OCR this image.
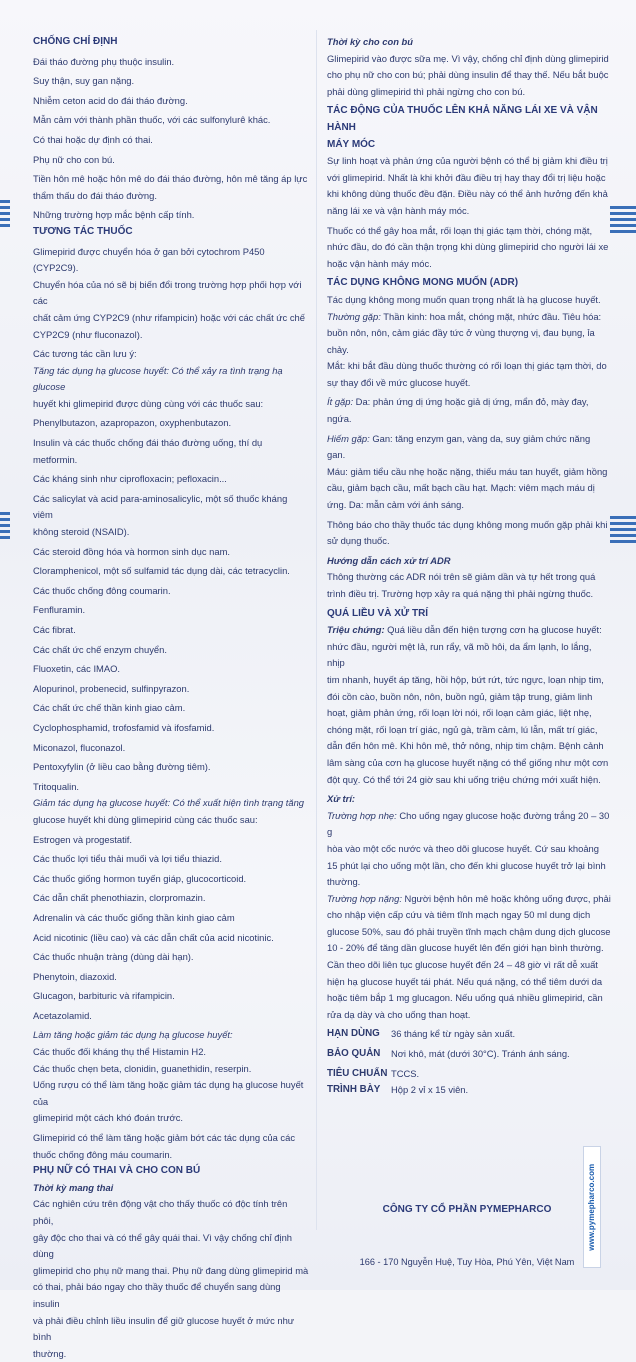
CHỐNG CHỈ ĐỊNH

Đái tháo đường phụ thuộc insulin.

Suy thận, suy gan nặng.

Nhiễm ceton acid do đái tháo đường.

Mẫn cảm với thành phần thuốc, với các sulfonylurê khác.

Có thai hoặc dự định có thai.

Phụ nữ cho con bú.

Tiền hôn mê hoặc hôn mê do đái tháo đường, hôn mê tăng áp lực

thẩm thấu do đái tháo đường.

Những trường hợp mắc bệnh cấp tính.

TƯƠNG TÁC THUỐC

Glimepirid được chuyển hóa ở gan bởi cytochrom P450 (CYP2C9).

Chuyển hóa của nó sẽ bị biến đổi trong trường hợp phối hợp với các

chất cảm ứng CYP2C9 (như rifampicin) hoặc với các chất ức chế

CYP2C9 (như fluconazol).

Các tương tác cần lưu ý:

Tăng tác dụng hạ glucose huyết: Có thể xảy ra tình trạng hạ glucose

huyết khi glimepirid được dùng cùng với các thuốc sau:

Phenylbutazon, azapropazon, oxyphenbutazon.

Insulin và các thuốc chống đái tháo đường uống, thí dụ metformin.

Các kháng sinh như ciprofloxacin; pefloxacin...

Các salicylat và acid para-aminosalicylic, một số thuốc kháng viêm

không steroid (NSAID).

Các steroid đồng hóa và hormon sinh dục nam.

Cloramphenicol, một số sulfamid tác dụng dài, các tetracyclin.

Các thuốc chống đông coumarin.

Fenfluramin.

Các fibrat.

Các chất ức chế enzym chuyển.

Fluoxetin, các IMAO.

Alopurinol, probenecid, sulfinpyrazon.

Các chất ức chế thần kinh giao cảm.

Cyclophosphamid, trofosfamid và ifosfamid.

Miconazol, fluconazol.

Pentoxyfylin (ở liều cao bằng đường tiêm).

Tritoqualin.

Giảm tác dụng hạ glucose huyết: Có thể xuất hiện tình trạng tăng

glucose huyết khi dùng glimepirid cùng các thuốc sau:

Estrogen và progestatif.

Các thuốc lợi tiểu thải muối và lợi tiểu thiazid.

Các thuốc giống hormon tuyến giáp, glucocorticoid.

Các dẫn chất phenothiazin, clorpromazin.

Adrenalin và các thuốc giống thần kinh giao cảm

Acid nicotinic (liều cao) và các dẫn chất của acid nicotinic.

Các thuốc nhuận tràng (dùng dài hạn).

Phenytoin, diazoxid.

Glucagon, barbituric và rifampicin.

Acetazolamid.

Làm tăng hoặc giảm tác dụng hạ glucose huyết:

Các thuốc đối kháng thụ thể Histamin H2.

Các thuốc chẹn beta, clonidin, guanethidin, reserpin.

Uống rượu có thể làm tăng hoặc giảm tác dụng hạ glucose huyết của

glimepirid một cách khó đoán trước.

Glimepirid có thể làm tăng hoặc giảm bớt các tác dụng của các

thuốc chống đông máu coumarin.

PHỤ NỮ CÓ THAI VÀ CHO CON BÚ

Thời kỳ mang thai

Các nghiên cứu trên động vật cho thấy thuốc có độc tính trên phôi,

gây độc cho thai và có thể gây quái thai. Vì vậy chống chỉ định dùng

glimepirid cho phụ nữ mang thai. Phụ nữ đang dùng glimepirid mà

có thai, phải báo ngay cho thầy thuốc để chuyển sang dùng insulin

và phải điều chỉnh liều insulin để giữ glucose huyết ở mức như bình

thường.

Thời kỳ cho con bú

Glimepirid vào được sữa mẹ. Vì vậy, chống chỉ định dùng glimepirid

cho phụ nữ cho con bú; phải dùng insulin để thay thế. Nếu bắt buộc

phải dùng glimepirid thì phải ngừng cho con bú.

TÁC ĐỘNG CỦA THUỐC LÊN KHẢ NĂNG LÁI XE VÀ VẬN HÀNH

MÁY MÓC

Sự linh hoạt và phản ứng của người bệnh có thể bị giảm khi điều trị

với glimepirid. Nhất là khi khởi đầu điều trị hay thay đổi trị liệu hoặc

khi không dùng thuốc đều đặn. Điều này có thể ảnh hưởng đến khả

năng lái xe và vận hành máy móc.

Thuốc có thể gây hoa mắt, rối loạn thị giác tạm thời, chóng mặt,

nhức đầu, do đó cần thận trọng khi dùng glimepirid cho người lái xe

hoặc vận hành máy móc.

TÁC DỤNG KHÔNG MONG MUỐN (ADR)

Tác dụng không mong muốn quan trọng nhất là hạ glucose huyết.

Thường gặp: Thần kinh: hoa mắt, chóng mặt, nhức đầu. Tiêu hóa:

buồn nôn, nôn, cảm giác đầy tức ở vùng thượng vị, đau bụng, ỉa chảy.

Mắt: khi bắt đầu dùng thuốc thường có rối loạn thị giác tạm thời, do

sự thay đổi về mức glucose huyết.

Ít gặp: Da: phản ứng dị ứng hoặc giả dị ứng, mẩn đỏ, mày đay,

ngứa.

Hiếm gặp: Gan: tăng enzym gan, vàng da, suy giảm chức năng gan.

Máu: giảm tiểu cầu nhẹ hoặc nặng, thiếu máu tan huyết, giảm hồng

cầu, giảm bạch cầu, mất bạch cầu hạt. Mạch: viêm mạch máu dị

ứng. Da: mẫn cảm với ánh sáng.

Thông báo cho thầy thuốc tác dụng không mong muốn gặp phải khi

sử dụng thuốc.

Hướng dẫn cách xử trí ADR

Thông thường các ADR nói trên sẽ giảm dần và tự hết trong quá

trình điều trị. Trường hợp xảy ra quá nặng thì phải ngừng thuốc.

QUÁ LIỀU VÀ XỬ TRÍ

Triệu chứng: Quá liều dẫn đến hiện tượng cơn hạ glucose huyết:

nhức đầu, người mệt lả, run rẩy, vã mồ hôi, da ẩm lạnh, lo lắng, nhịp

tim nhanh, huyết áp tăng, hồi hộp, bứt rứt, tức ngực, loạn nhịp tim,

đói cồn cào, buồn nôn, nôn, buồn ngủ, giảm tập trung, giảm linh

hoạt, giảm phản ứng, rối loạn lời nói, rối loạn cảm giác, liệt nhẹ,

chóng mặt, rối loạn trí giác, ngủ gà, trầm cảm, lú lẫn, mất trí giác,

dẫn đến hôn mê. Khi hôn mê, thở nông, nhịp tim chậm. Bệnh cảnh

lâm sàng của cơn hạ glucose huyết nặng có thể giống như một cơn

đột quỵ. Có thể tới 24 giờ sau khi uống triệu chứng mới xuất hiện.

Xử trí:

Trường hợp nhẹ: Cho uống ngay glucose hoặc đường trắng 20 – 30 g

hòa vào một cốc nước và theo dõi glucose huyết. Cứ sau khoảng

15 phút lại cho uống một lần, cho đến khi glucose huyết trở lại bình

thường.

Trường hợp nặng: Người bệnh hôn mê hoặc không uống được, phải

cho nhập viện cấp cứu và tiêm tĩnh mạch ngay 50 ml dung dịch

glucose 50%, sau đó phải truyền tĩnh mạch chậm dung dịch glucose

10 - 20% để tăng dần glucose huyết lên đến giới hạn bình thường.

Cần theo dõi liên tục glucose huyết đến 24 – 48 giờ vì rất dễ xuất

hiện hạ glucose huyết tái phát. Nếu quá nặng, có thể tiêm dưới da

hoặc tiêm bắp 1 mg glucagon. Nếu uống quá nhiều glimepirid, cần

rửa dạ dày và cho uống than hoạt.

HẠN DÙNG	36 tháng kể từ ngày sản xuất.
BẢO QUẢN	Nơi khô, mát (dưới 30°C). Tránh ánh sáng.
TIÊU CHUẨN TCCS.
TRÌNH BÀY	Hộp 2 vỉ x 15 viên.
CÔNG TY CỔ PHẦN PYMEPHARCO
166 - 170 Nguyễn Huệ, Tuy Hòa, Phú Yên, Việt Nam
www.pymepharco.com
